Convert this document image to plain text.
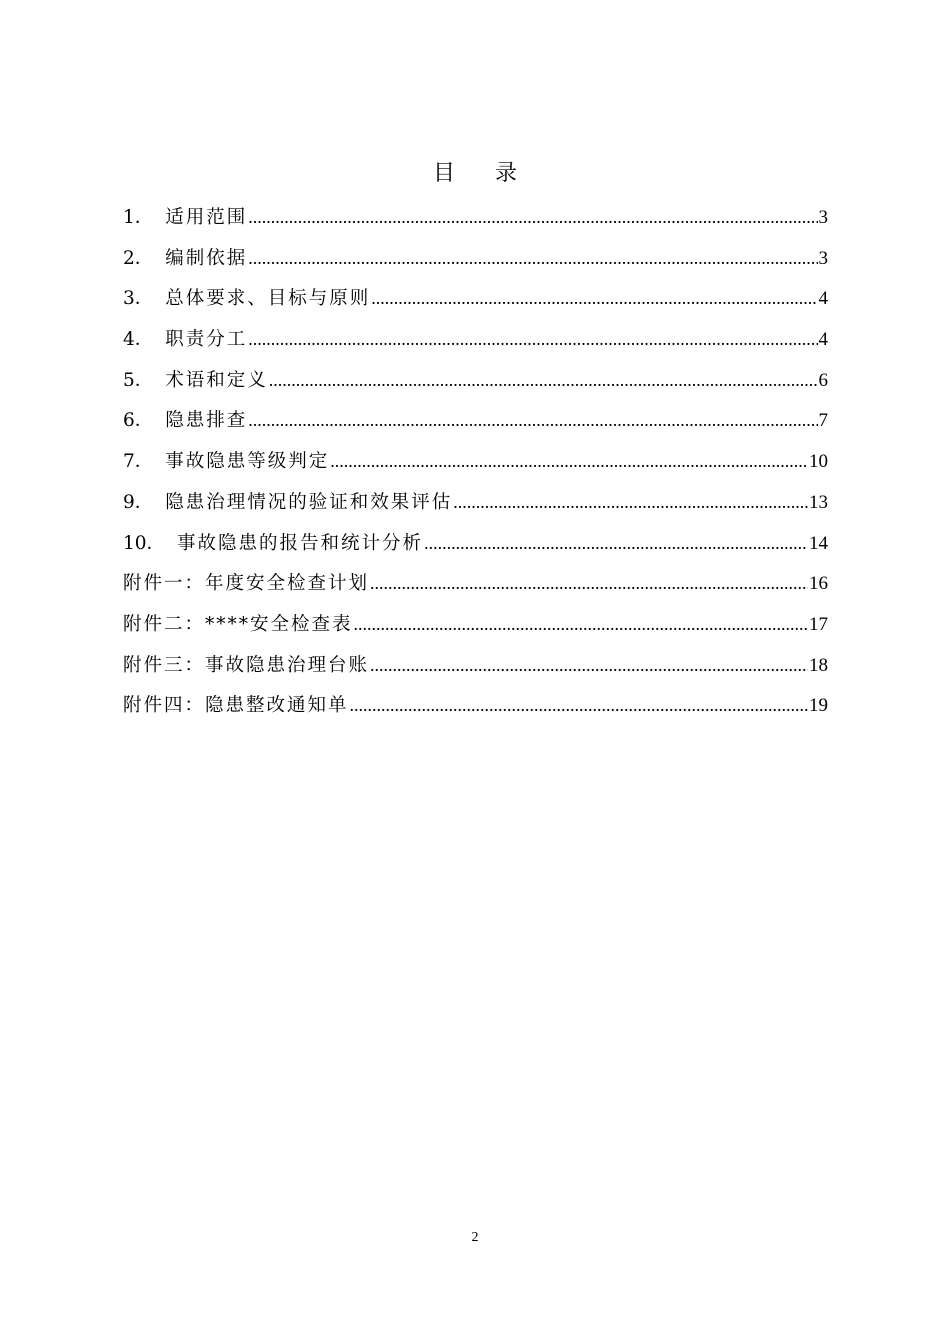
目 录
1． 适用范围 .....	3
2． 编制依据 .....	3
3． 总体要求、目标与原则 .....	4
4． 职责分工 .....	4
5． 术语和定义 .....	6
6． 隐患排查 .....	7
7． 事故隐患等级判定 .....	10
9． 隐患治理情况的验证和效果评估 .....	13
10． 事故隐患的报告和统计分析 .....	14
附件一：年度安全检查计划 .....	16
附件二：****安全检查表 .....	17
附件三：事故隐患治理台账 .....	18
附件四：隐患整改通知单 .....	19
2
